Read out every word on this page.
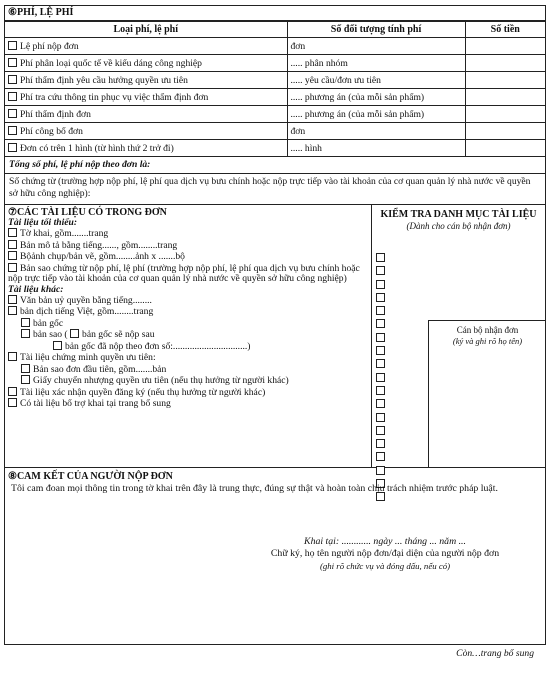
⑥PHÍ, LỆ PHÍ
Loại phí, lệ phí	Số đối tượng tính phí	Số tiền
Lệ phí nộp đơn	đơn	
Phí phân loại quốc tế về kiểu dáng công nghiệp	..... phân nhóm	
Phí thẩm định yêu cầu hưởng quyền ưu tiên	..... yêu cầu/đơn ưu tiên	
Phí tra cứu thông tin phục vụ việc thẩm định đơn	..... phương án (của mỗi sản phẩm)	
Phí thẩm định đơn	..... phương án (của mỗi sản phẩm)	
Phí công bố đơn	đơn	
Đơn có trên 1 hình (từ hình thứ 2 trở đi)	..... hình	
Tổng số phí, lệ phí nộp theo đơn là:
Số chứng từ (trường hợp nộp phí, lệ phí qua dịch vụ bưu chính hoặc nộp trực tiếp vào tài khoản của cơ quan quản lý nhà nước về quyền sở hữu công nghiệp):
⑦CÁC TÀI LIỆU CÓ TRONG ĐƠN
Tài liệu tối thiểu:
Tờ khai, gồm.......trang
Bản mô tả bằng tiếng......, gồm........trang
Bộảnh chụp/bản vẽ, gồm........ảnh x .......bộ
Bản sao chứng từ nộp phí, lệ phí (trường hợp nộp phí, lệ phí qua dịch vụ bưu chính hoặc nộp trực tiếp vào tài khoản của cơ quan quản lý nhà nước về quyền sở hữu công nghiệp)
Tài liệu khác:
Văn bản uỷ quyền bằng tiếng........
bản dịch tiếng Việt, gồm........trang
bản gốc
bản sao ( bản gốc sẽ nộp sau
bản gốc đã nộp theo đơn số:...............................)
Tài liệu chứng minh quyền ưu tiên:
Bản sao đơn đầu tiên, gồm.......bản
Giấy chuyển nhượng quyền ưu tiên (nếu thụ hưởng từ người khác)
Tài liệu xác nhận quyền đăng ký (nếu thụ hưởng từ người khác)
Có tài liệu bổ trợ khai tại trang bổ sung
KIỂM TRA DANH MỤC TÀI LIỆU
(Dành cho cán bộ nhận đơn)
Cán bộ nhận đơn
(ký và ghi rõ họ tên)
⑧CAM KẾT CỦA NGƯỜI NỘP ĐƠN
Tôi cam đoan mọi thông tin trong tờ khai trên đây là trung thực, đúng sự thật và hoàn toàn chịu trách nhiệm trước pháp luật.
Khai tại: ............ ngày ... tháng ... năm ...
Chữ ký, họ tên người nộp đơn/đại diện của người nộp đơn
(ghi rõ chức vụ và đóng dấu, nếu có)
Còn…trang bổ sung
